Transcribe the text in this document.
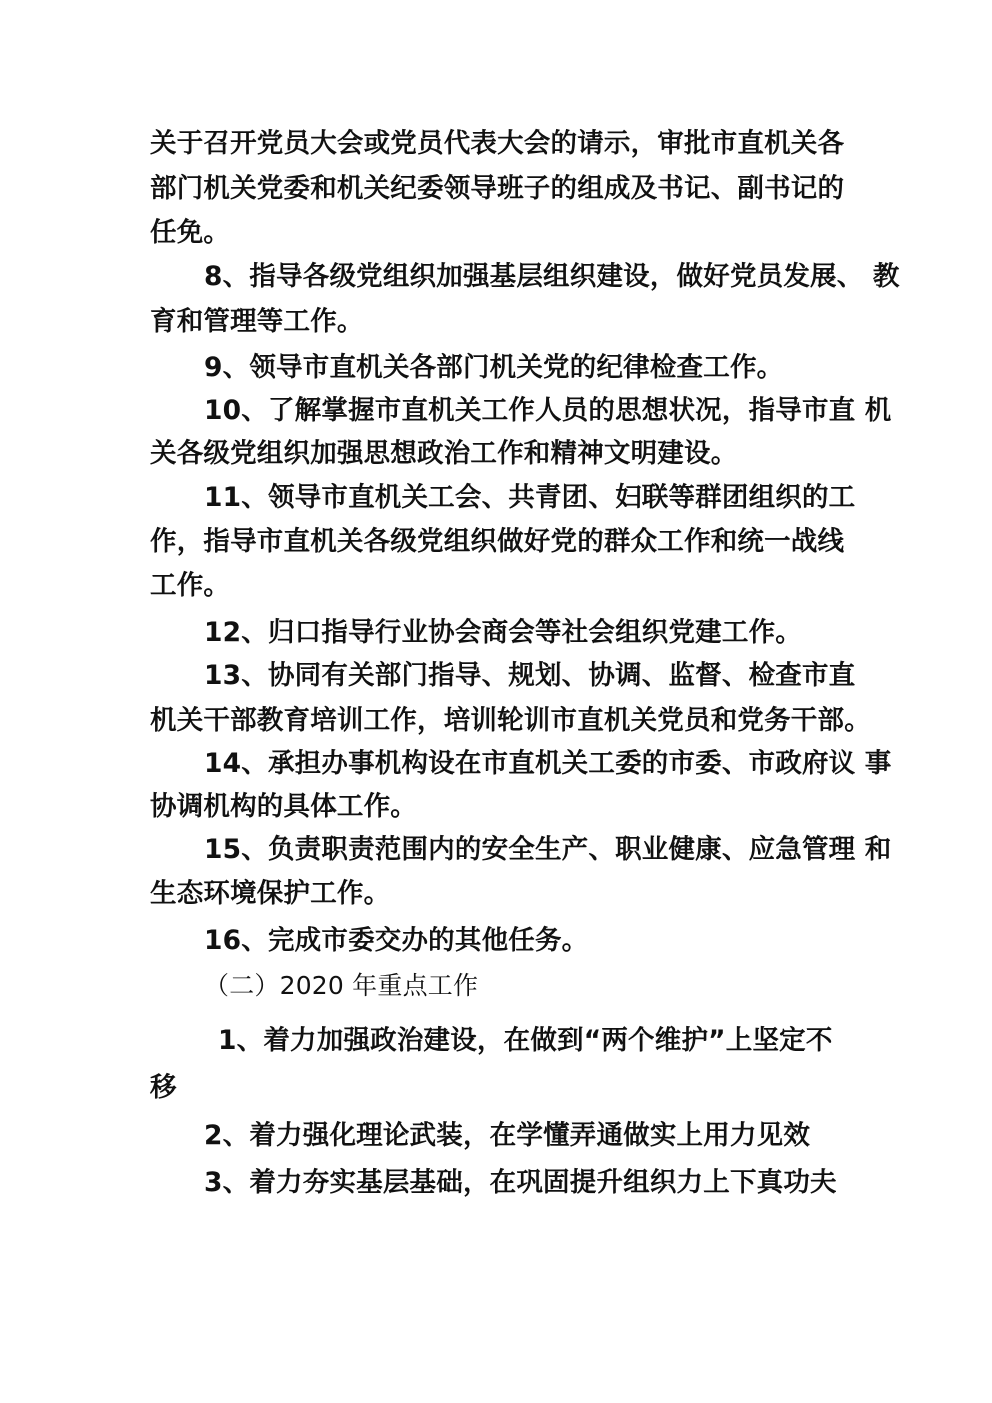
关于召开党员大会或党员代表大会的请示，审批市直机关各
部门机关党委和机关纪委领导班子的组成及书记、副书记的
任免。
8、指导各级党组织加强基层组织建设，做好党员发展、 教
育和管理等工作。
9、领导市直机关各部门机关党的纪律检查工作。
10、了解掌握市直机关工作人员的思想状况，指导市直 机
关各级党组织加强思想政治工作和精神文明建设。
11、领导市直机关工会、共青团、妇联等群团组织的工
作，指导市直机关各级党组织做好党的群众工作和统一战线
工作。
12、归口指导行业协会商会等社会组织党建工作。
13、协同有关部门指导、规划、协调、监督、检查市直
机关干部教育培训工作，培训轮训市直机关党员和党务干部。
14、承担办事机构设在市直机关工委的市委、市政府议 事
协调机构的具体工作。
15、负责职责范围内的安全生产、职业健康、应急管理 和
生态环境保护工作。
16、完成市委交办的其他任务。
（二）2020 年重点工作
1、着力加强政治建设，在做到“两个维护”上坚定不
移
2、着力强化理论武装，在学懂弄通做实上用力见效
3、着力夯实基层基础，在巩固提升组织力上下真功夫
